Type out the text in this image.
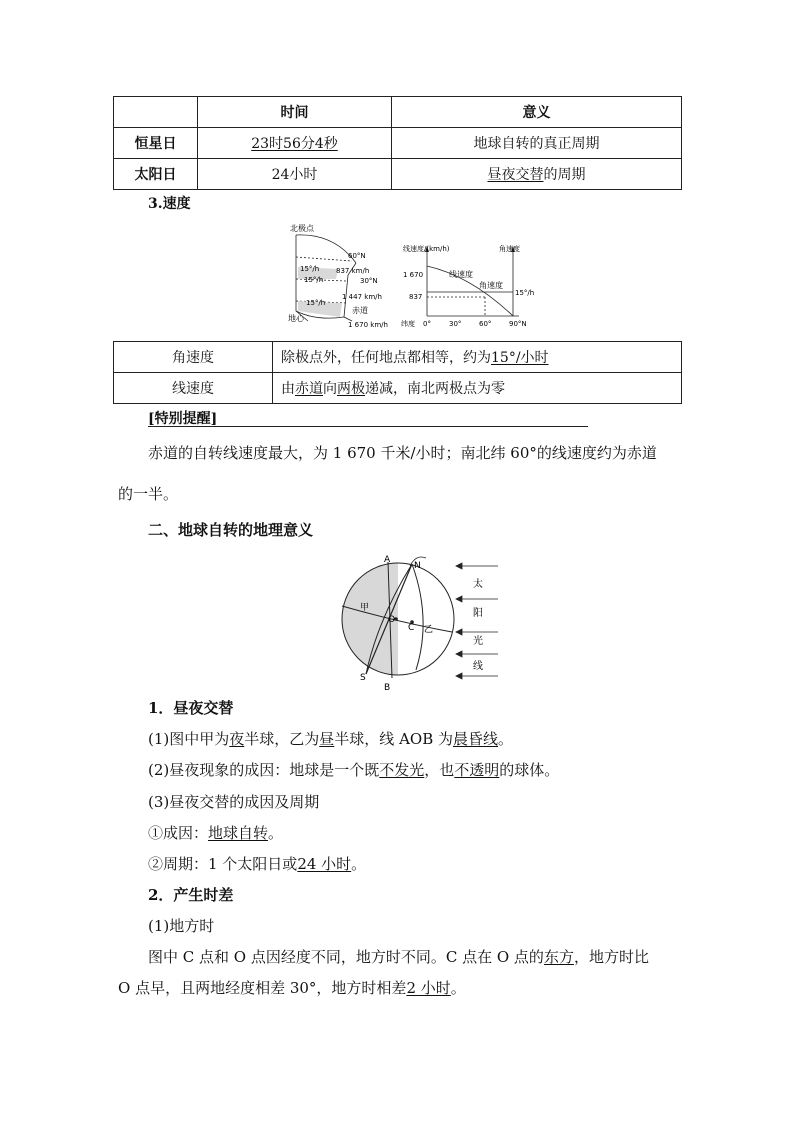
	时间	意义
恒星日	23时56分4秒	地球自转的真正周期
太阳日	24小时	昼夜交替的周期
3.速度
北极点
60°N
15°/h 837 km/h
15°/h	30°N
1 447 km/h
15°/h
赤道
地心
1 670 km/h
线速度/(km/h)	角速度
1 670
837
线速度
角速度
15°/h
纬度 0°	30°	60°	90°N
角速度	除极点外，任何地点都相等，约为15°/小时
线速度	由赤道向两极递减，南北两极点为零
[特别提醒]
赤道的自转线速度最大，为 1 670 千米/小时；南北纬 60°的线速度约为赤道
的一半。
二、地球自转的地理意义
A
N
甲
O
C 乙
S
B
太
阳
光
线
1．昼夜交替
(1)图中甲为夜半球，乙为昼半球，线 AOB 为晨昏线。
(2)昼夜现象的成因：地球是一个既不发光，也不透明的球体。
(3)昼夜交替的成因及周期
①成因：地球自转。
②周期：1 个太阳日或24 小时。
2．产生时差
(1)地方时
图中 C 点和 O 点因经度不同，地方时不同。C 点在 O 点的东方，地方时比
O 点早，且两地经度相差 30°，地方时相差2 小时。
